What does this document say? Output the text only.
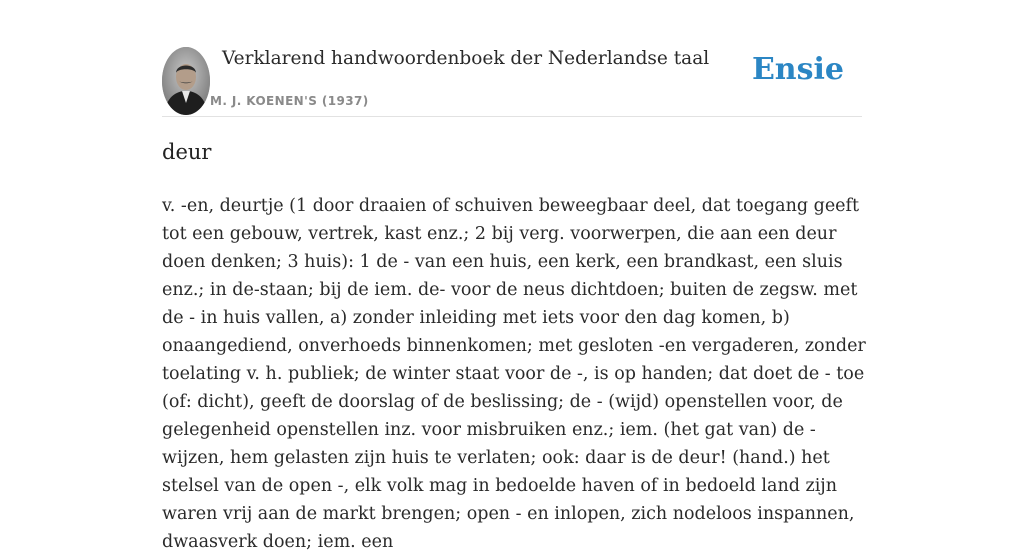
Verklarend handwoordenboek der Nederlandse taal
M. J. KOENEN'S (1937)
Ensie
deur

v. -en, deurtje (1 door draaien of schuiven beweegbaar deel, dat toegang geeft tot een gebouw, vertrek, kast enz.; 2 bij verg. voorwerpen, die aan een deur doen denken; 3 huis): 1 de - van een huis, een kerk, een brandkast, een sluis enz.; in de-staan; bij de iem. de- voor de neus dichtdoen; buiten de zegsw. met de - in huis vallen, a) zonder inleiding met iets voor den dag komen, b) onaangediend, onverhoeds binnenkomen; met gesloten -en vergaderen, zonder toelating v. h. publiek; de winter staat voor de -, is op handen; dat doet de - toe (of: dicht), geeft de doorslag of de beslissing; de - (wijd) openstellen voor, de gelegenheid openstellen inz. voor misbruiken enz.; iem. (het gat van) de - wijzen, hem gelasten zijn huis te verlaten; ook: daar is de deur! (hand.) het stelsel van de open -, elk volk mag in bedoelde haven of in bedoeld land zijn waren vrij aan de markt brengen; open - en inlopen, zich nodeloos inspannen, dwaasverk doen; iem. een
